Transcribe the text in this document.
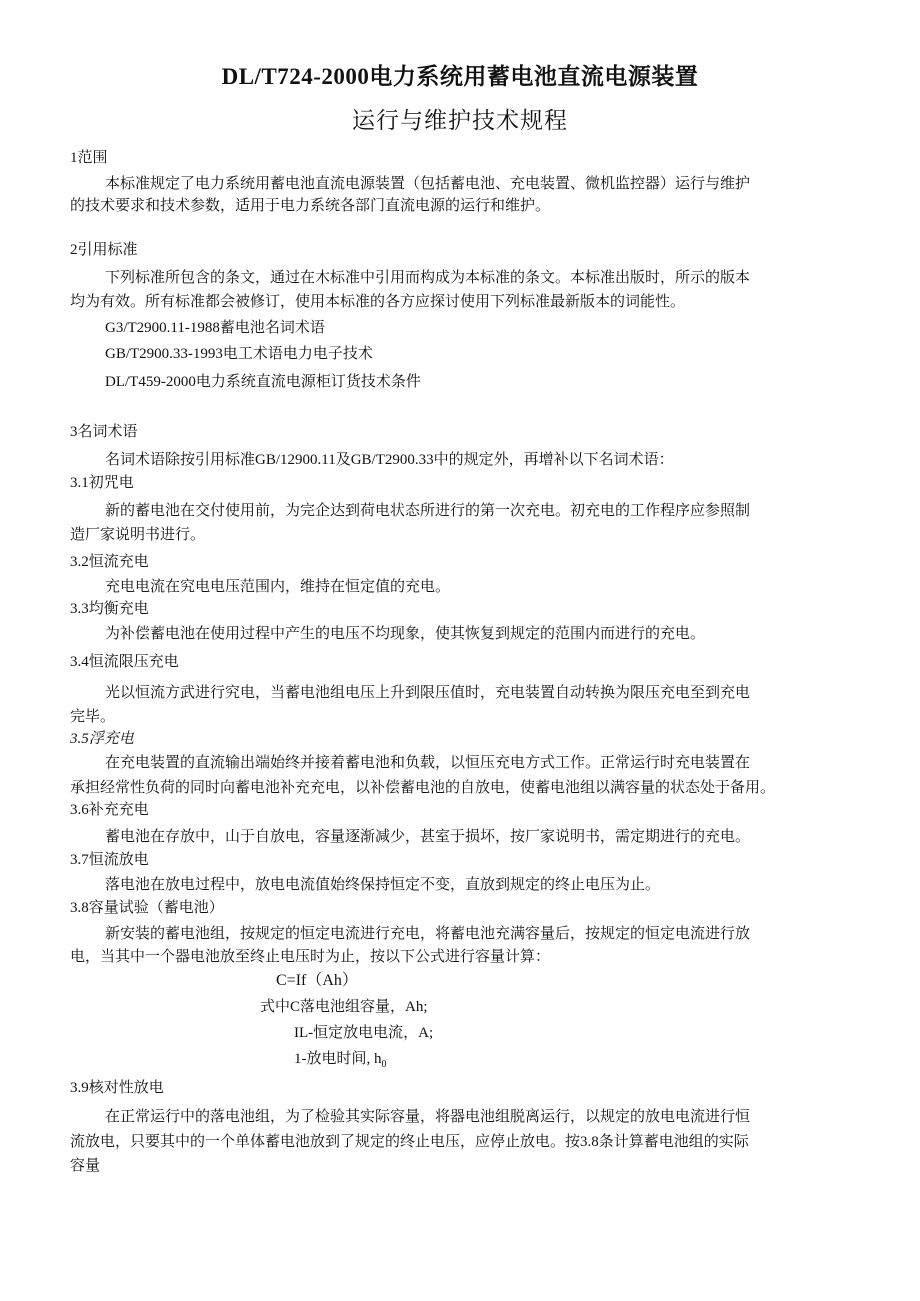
DL/T724-2000电力系统用蓄电池直流电源装置
运行与维护技术规程
1范围
本标准规定了电力系统用蓄电池直流电源装置（包括蓄电池、充电装置、微机监控器）运行与维护
的技术要求和技术参数，适用于电力系统各部门直流电源的运行和维护。
2引用标准
下列标准所包含的条文，通过在木标准中引用而构成为本标准的条文。本标准出版时，所示的版本
均为有效。所有标准都会被修订，使用本标准的各方应探讨使用下列标准最新版本的词能性。
G3/T2900.11-1988蓄电池名词术语
GB/T2900.33-1993电工术语电力电子技术
DL/T459-2000电力系统直流电源柜订货技术条件
3名词术语
名词术语除按引用标准GB/12900.11及GB/T2900.33中的规定外，再增补以下名词术语：
3.1初咒电
新的蓄电池在交付使用前，为完企达到荷电状态所进行的第一次充电。初充电的工作程序应参照制
造厂家说明书进行。
3.2恒流充电
充电电流在究电电压范围内，维持在恒定值的充电。
3.3均衡充电
为补偿蓄电池在使用过程中产生的电压不均现象，使其恢复到规定的范围内而进行的充电。
3.4恒流限压充电
光以恒流方武进行究电，当蓄电池组电压上升到限压值时，充电装置自动转换为限压充电至到充电
完毕。
3.5浮充电
在充电装置的直流输出端始终并接着蓄电池和负载，以恒压充电方式工作。正常运行时充电装置在
承担经常性负荷的同时向蓄电池补充充电，以补偿蓄电池的自放电，使蓄电池组以满容量的状态处于备用。
3.6补充充电
蓄电池在存放中，山于自放电，容量逐渐减少，甚室于损坏，按厂家说明书，需定期进行的充电。
3.7恒流放电
落电池在放电过程中，放电电流值始终保持恒定不变，直放到规定的终止电压为止。
3.8容量试验（蓄电池）
新安装的蓄电池组，按规定的恒定电流进行充电，将蓄电池充满容量后，按规定的恒定电流进行放
电，当其中一个器电池放至终止电压时为止，按以下公式进行容量计算：
C=If（Ah）
式中C落电池组容量，Ah;
IL-恒定放电电流，A;
1-放电时间, $h_0$
3.9核对性放电
在正常运行中的落电池组，为了检验其实际容量，将器电池组脱离运行，以规定的放电电流进行恒
流放电，只要其中的一个单体蓄电池放到了规定的终止电压，应停止放电。按3.8条计算蓄电池组的实际
容量
